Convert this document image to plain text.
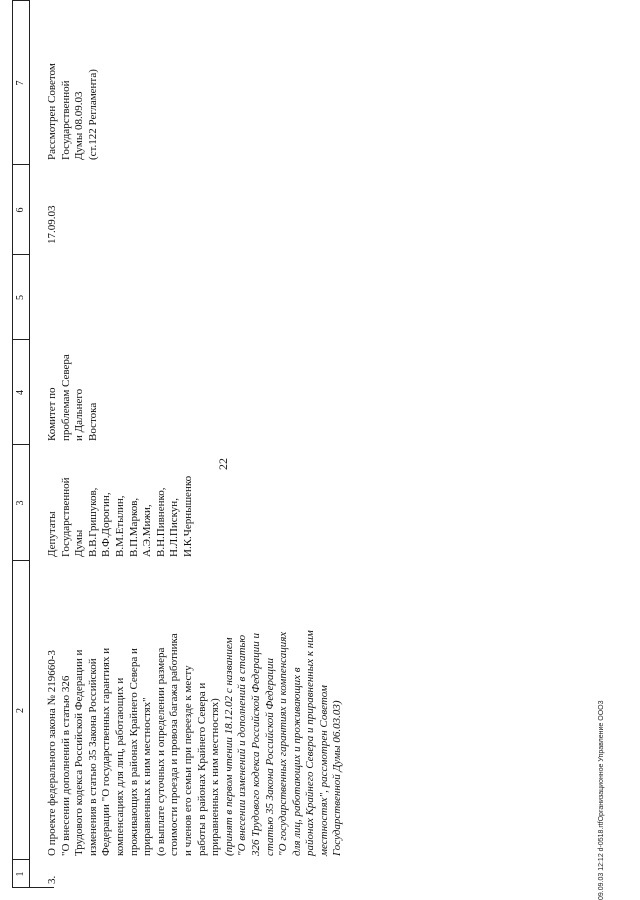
22
1
2
3
4
5
6
7
3.
О проекте федерального закона № 219660-3 "О внесении дополнений в статью 326 Трудового кодекса Российской Федерации и изменения в статью 35 Закона Российской Федерации "О государственных гарантиях и компенсациях для лиц, работающих и проживающих в районах Крайнего Севера и приравненных к ним местностях" (о выплате суточных и определении размера стоимости проезда и провоза багажа работника и членов его семьи при переезде к месту работы в районах Крайнего Севера и приравненных к ним местностях) (принят в первом чтении 18.12.02 с названием "О внесении изменений и дополнений в статью 326 Трудового кодекса Российской Федерации и статью 35 Закона Российской Федерации "О государственных гарантиях и компенсациях для лиц, работающих и проживающих в районах Крайнего Севера и приравненных к ним местностях", рассмотрен Советом Государственной Думы 06.03.03)
Депутаты Государственной Думы В.В.Гришуков, В.Ф.Дорогин, В.М.Етылин, В.П.Марков, А.Э.Мижи, В.Н.Пивненко, Н.Л.Пискун, И.К.Чернышенко
Комитет по проблемам Севера и Дальнего Востока
17.09.03
Рассмотрен Советом Государственной Думы 08.09.03 (ст.122 Регламента)
09.09.03 12:12 d-0518.rtfОрганизационное Управление ООО3
